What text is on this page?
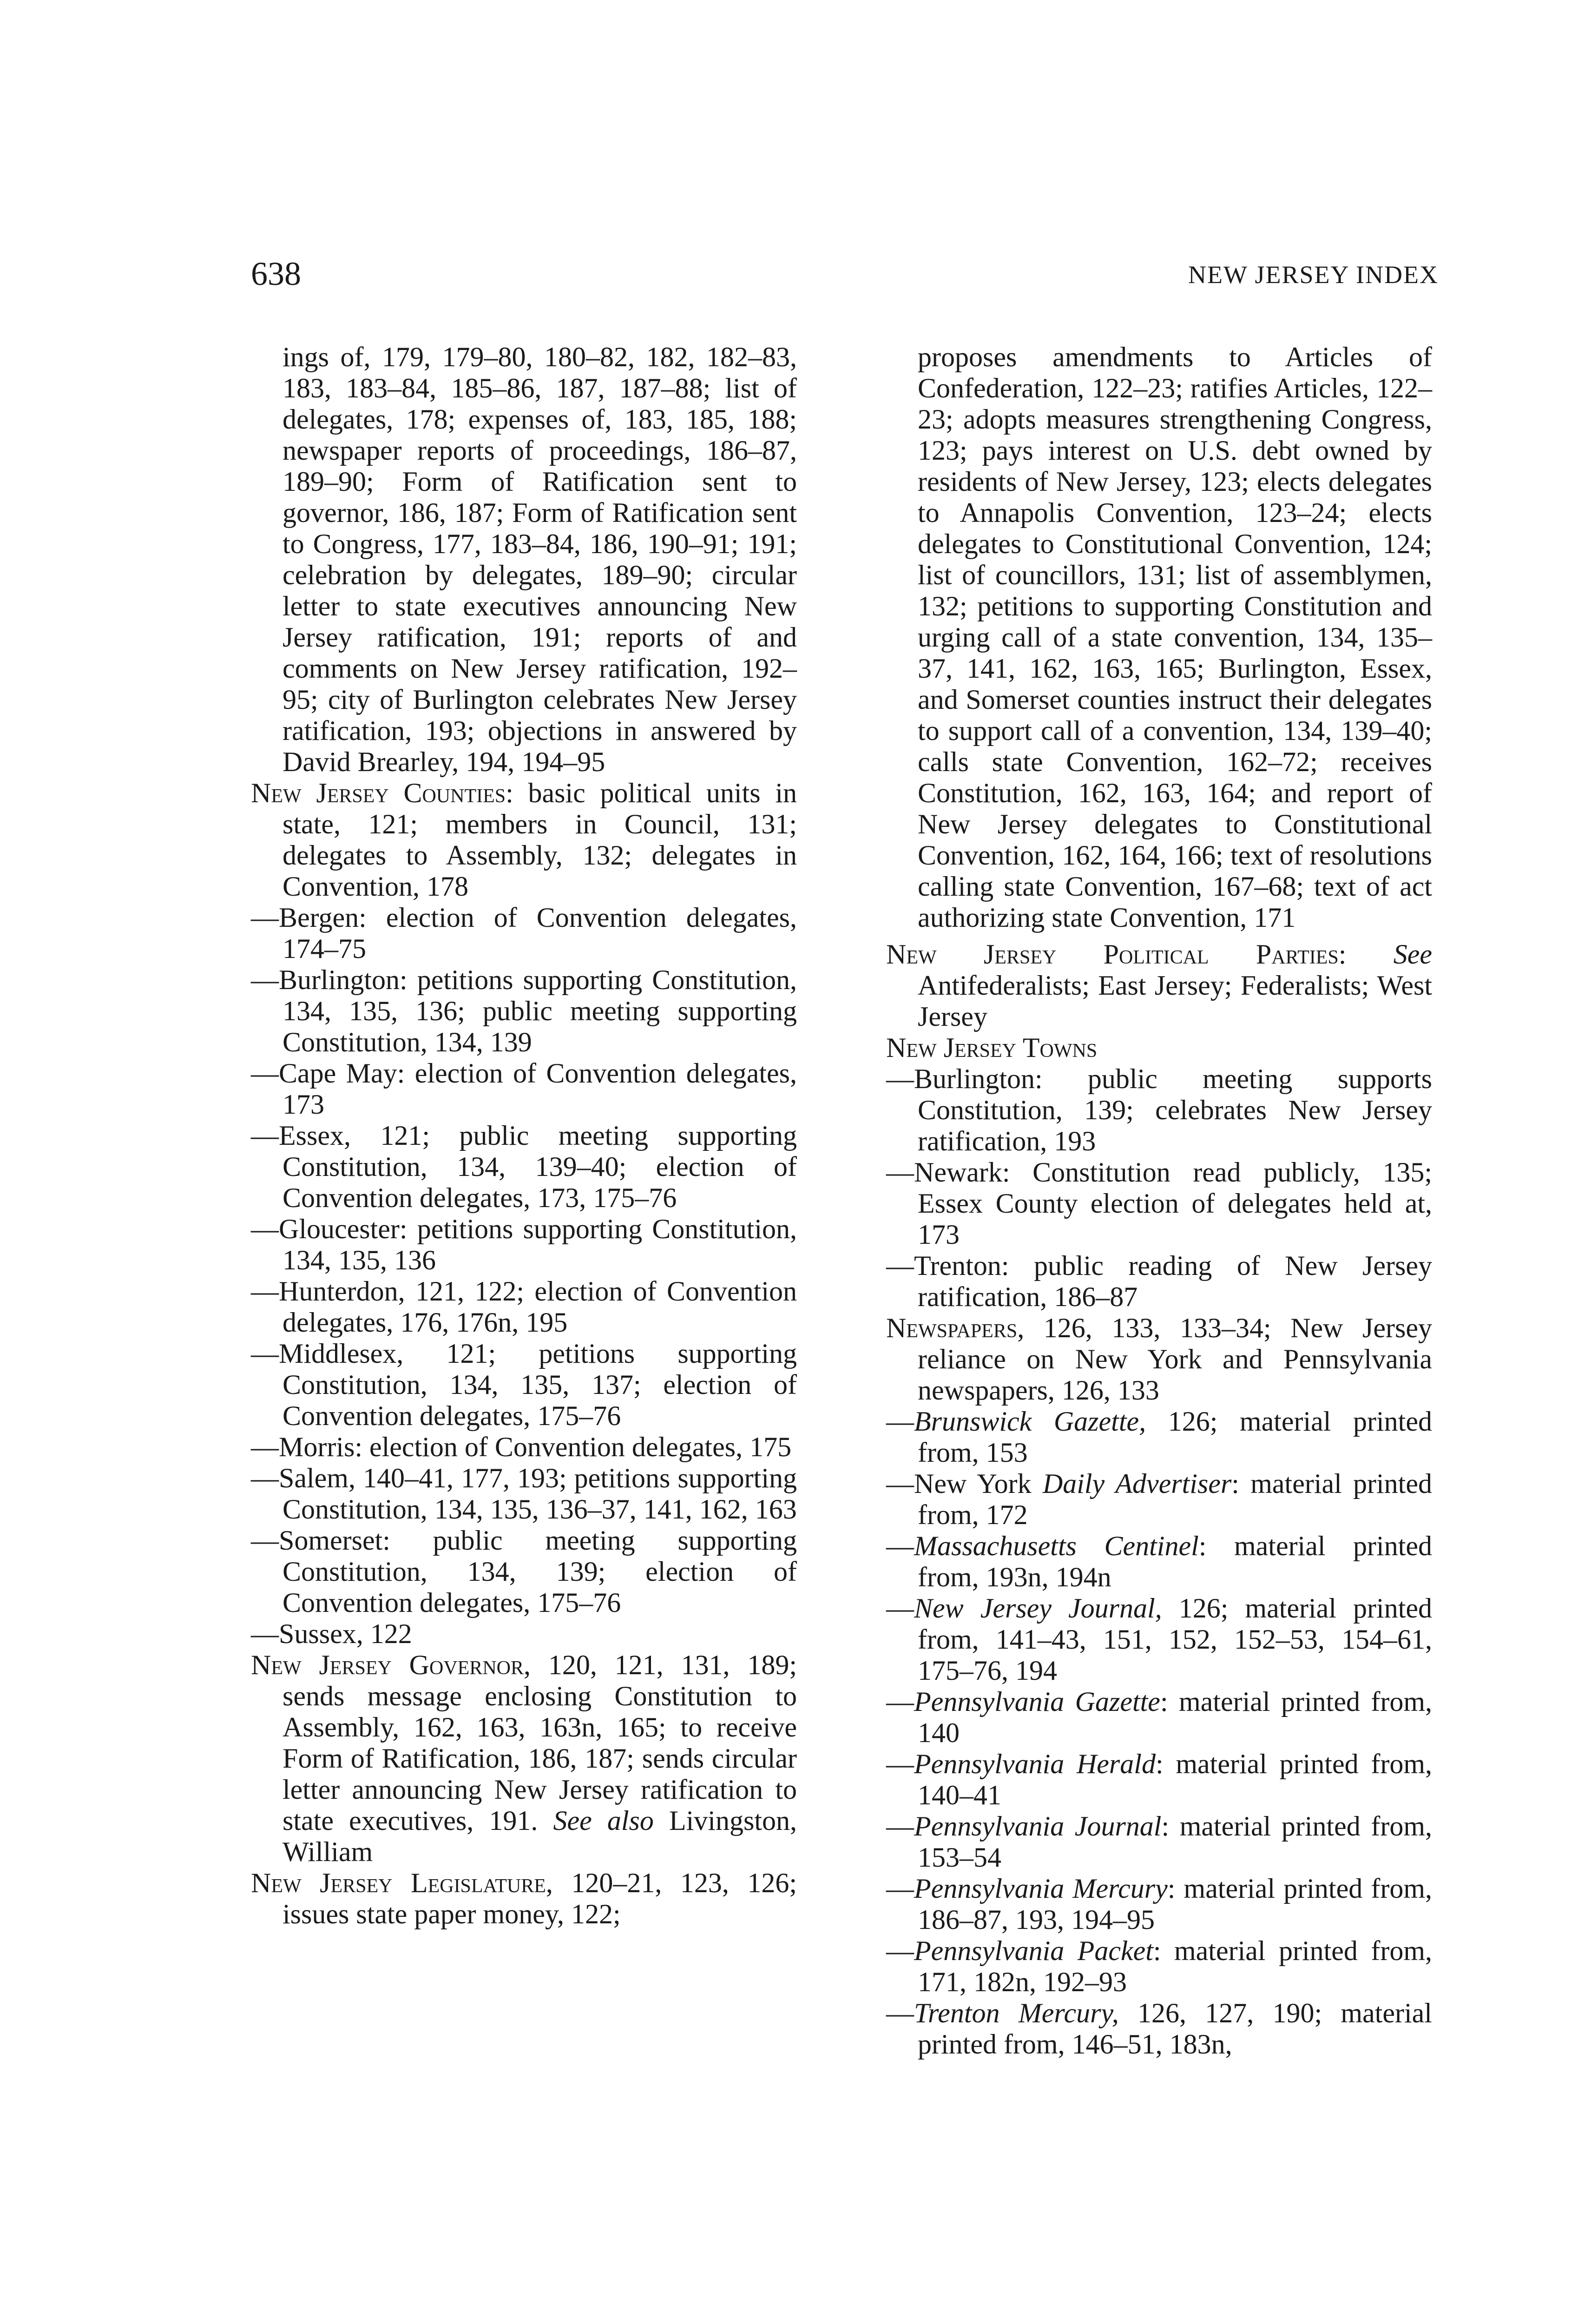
638	NEW JERSEY INDEX

ings of, 179, 179–80, 180–82, 182, 182–83, 183, 183–84, 185–86, 187, 187–88; list of delegates, 178; expenses of, 183, 185, 188; newspaper reports of proceedings, 186–87, 189–90; Form of Ratification sent to governor, 186, 187; Form of Ratification sent to Congress, 177, 183–84, 186, 190–91; 191; celebration by delegates, 189–90; circular letter to state executives announcing New Jersey ratification, 191; reports of and comments on New Jersey ratification, 192–95; city of Burlington celebrates New Jersey ratification, 193; objections in answered by David Brearley, 194, 194–95

New Jersey Counties: basic political units in state, 121; members in Council, 131; delegates to Assembly, 132; delegates in Convention, 178

—Bergen: election of Convention delegates, 174–75

—Burlington: petitions supporting Constitution, 134, 135, 136; public meeting supporting Constitution, 134, 139

—Cape May: election of Convention delegates, 173

—Essex, 121; public meeting supporting Constitution, 134, 139–40; election of Convention delegates, 173, 175–76

—Gloucester: petitions supporting Constitution, 134, 135, 136

—Hunterdon, 121, 122; election of Convention delegates, 176, 176n, 195

—Middlesex, 121; petitions supporting Constitution, 134, 135, 137; election of Convention delegates, 175–76

—Morris: election of Convention delegates, 175

—Salem, 140–41, 177, 193; petitions supporting Constitution, 134, 135, 136–37, 141, 162, 163

—Somerset: public meeting supporting Constitution, 134, 139; election of Convention delegates, 175–76

—Sussex, 122

New Jersey Governor, 120, 121, 131, 189; sends message enclosing Constitution to Assembly, 162, 163, 163n, 165; to receive Form of Ratification, 186, 187; sends circular letter announcing New Jersey ratification to state executives, 191. See also Livingston, William

New Jersey Legislature, 120–21, 123, 126; issues state paper money, 122;

proposes amendments to Articles of Confederation, 122–23; ratifies Articles, 122–23; adopts measures strengthening Congress, 123; pays interest on U.S. debt owned by residents of New Jersey, 123; elects delegates to Annapolis Convention, 123–24; elects delegates to Constitutional Convention, 124; list of councillors, 131; list of assemblymen, 132; petitions to supporting Constitution and urging call of a state convention, 134, 135–37, 141, 162, 163, 165; Burlington, Essex, and Somerset counties instruct their delegates to support call of a convention, 134, 139–40; calls state Convention, 162–72; receives Constitution, 162, 163, 164; and report of New Jersey delegates to Constitutional Convention, 162, 164, 166; text of resolutions calling state Convention, 167–68; text of act authorizing state Convention, 171

New Jersey Political Parties: See Antifederalists; East Jersey; Federalists; West Jersey

New Jersey Towns

—Burlington: public meeting supports Constitution, 139; celebrates New Jersey ratification, 193

—Newark: Constitution read publicly, 135; Essex County election of delegates held at, 173

—Trenton: public reading of New Jersey ratification, 186–87

Newspapers, 126, 133, 133–34; New Jersey reliance on New York and Pennsylvania newspapers, 126, 133

—Brunswick Gazette, 126; material printed from, 153

—New York Daily Advertiser: material printed from, 172

—Massachusetts Centinel: material printed from, 193n, 194n

—New Jersey Journal, 126; material printed from, 141–43, 151, 152, 152–53, 154–61, 175–76, 194

—Pennsylvania Gazette: material printed from, 140

—Pennsylvania Herald: material printed from, 140–41

—Pennsylvania Journal: material printed from, 153–54

—Pennsylvania Mercury: material printed from, 186–87, 193, 194–95

—Pennsylvania Packet: material printed from, 171, 182n, 192–93

—Trenton Mercury, 126, 127, 190; material printed from, 146–51, 183n,
